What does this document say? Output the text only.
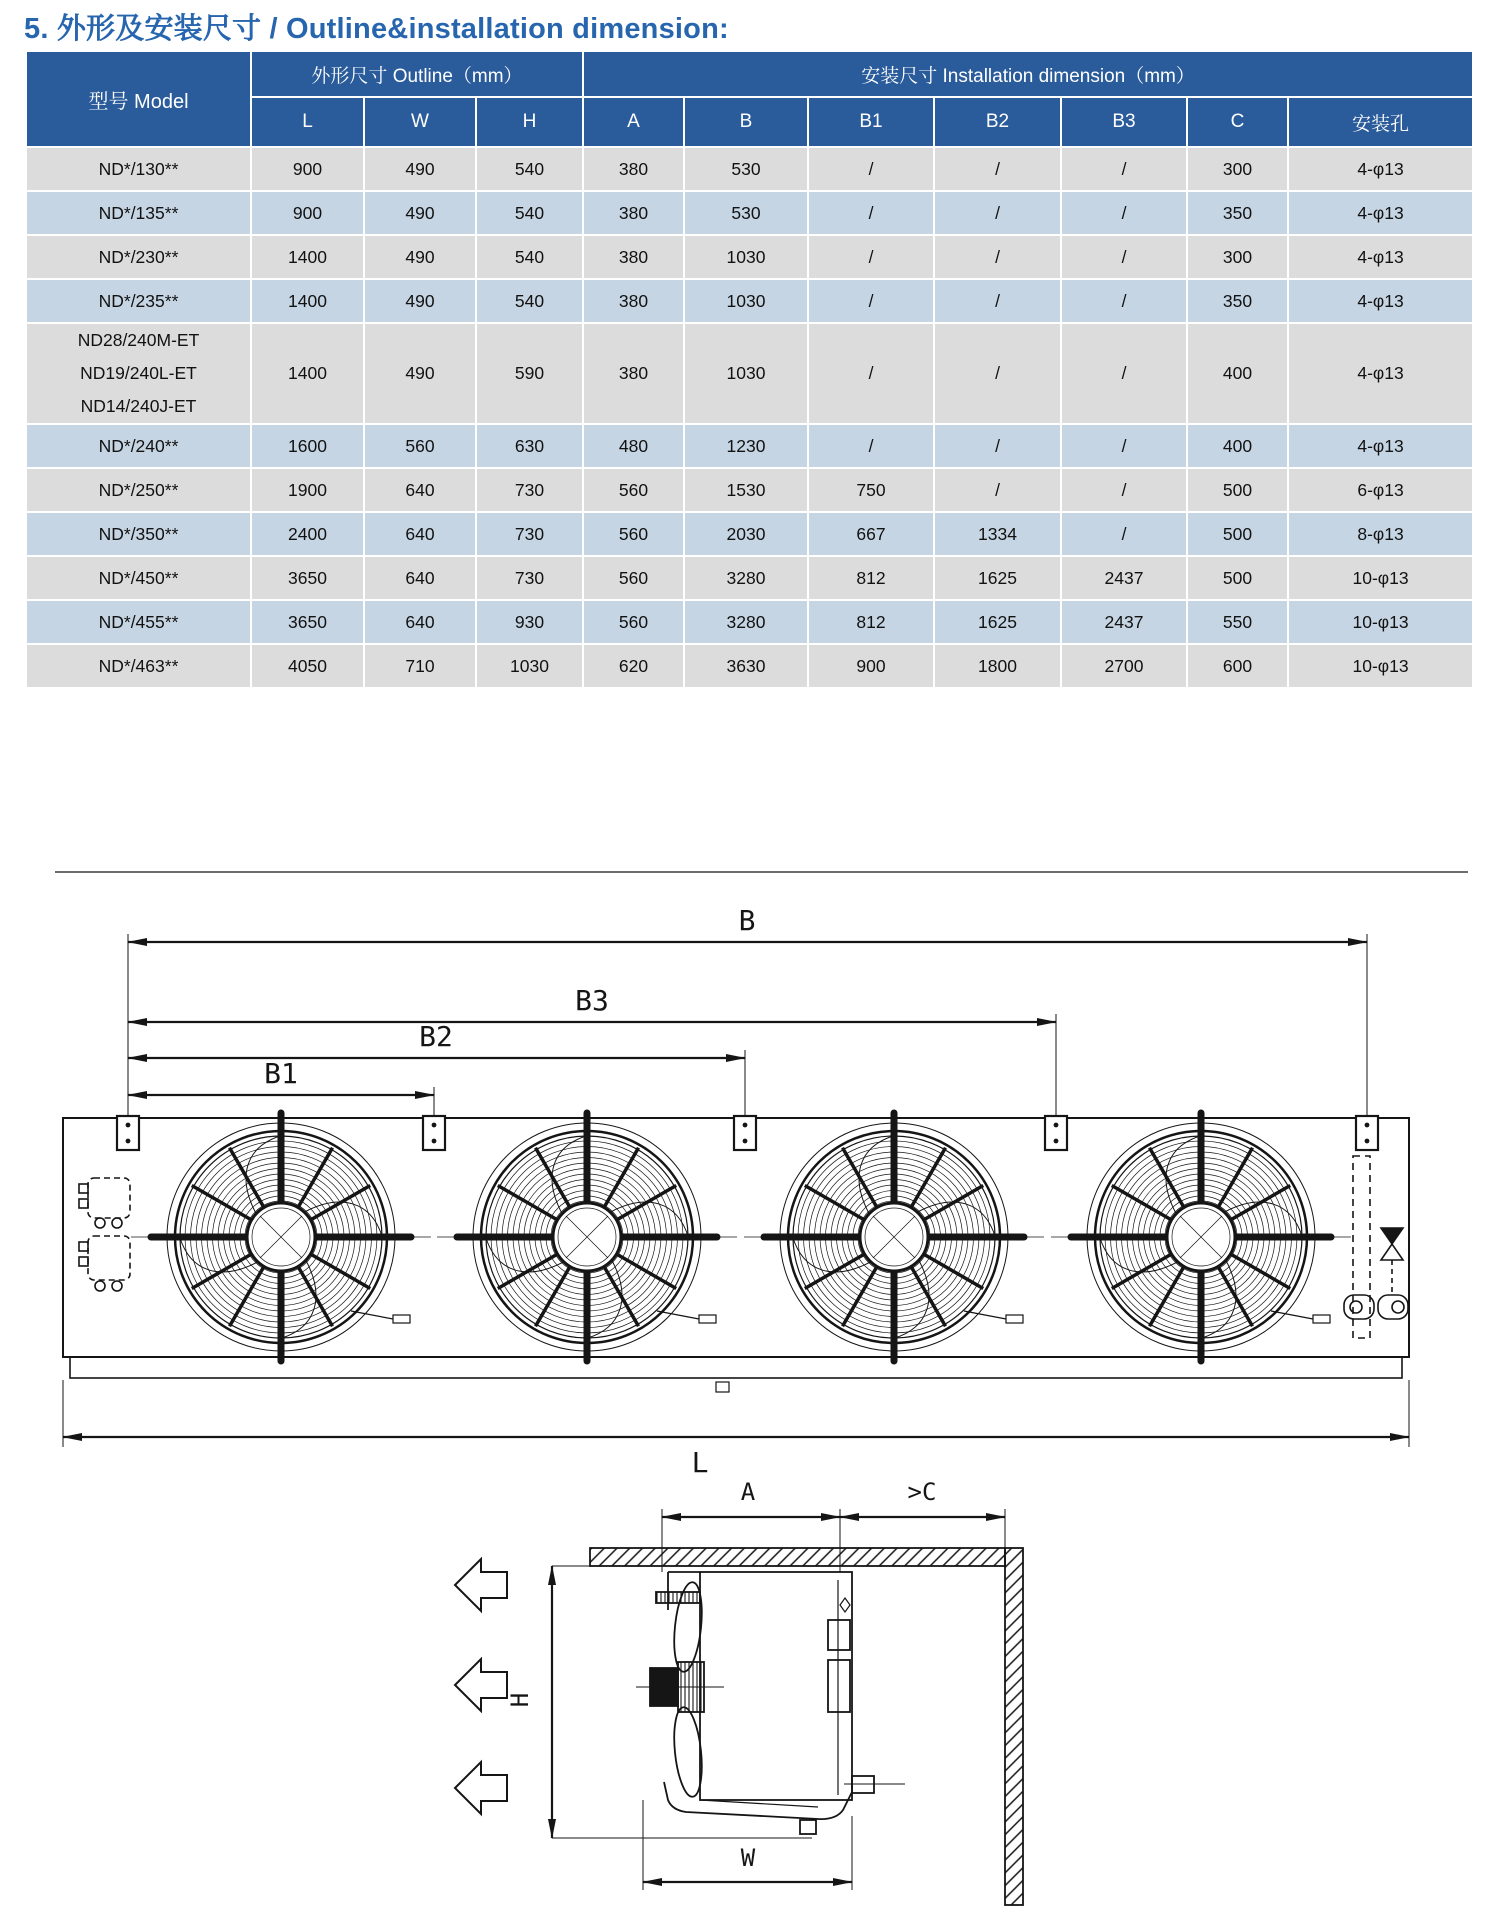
5. 外形及安装尺寸 / Outline&installation dimension:
型号 Model	外形尺寸 Outline（mm）			安装尺寸 Installation dimension（mm）						
	L	W	H	A	B	B1	B2	B3	C	安装孔

ND*/130**	900	490	540	380	530	/	/	/	300	4-φ13

ND*/135**	900	490	540	380	530	/	/	/	350	4-φ13

ND*/230**	1400	490	540	380	1030	/	/	/	300	4-φ13

ND*/235**	1400	490	540	380	1030	/	/	/	350	4-φ13

ND28/240M-ET
ND19/240L-ET
ND14/240J-ET	1400	490	590	380	1030	/	/	/	400	4-φ13

ND*/240**	1600	560	630	480	1230	/	/	/	400	4-φ13

ND*/250**	1900	640	730	560	1530	750	/	/	500	6-φ13

ND*/350**	2400	640	730	560	2030	667	1334	/	500	8-φ13

ND*/450**	3650	640	730	560	3280	812	1625	2437	500	10-φ13

ND*/455**	3650	640	930	560	3280	812	1625	2437	550	10-φ13

ND*/463**	4050	710	1030	620	3630	900	1800	2700	600	10-φ13
B
B3
B2
B1
L
A	>C
H
W
